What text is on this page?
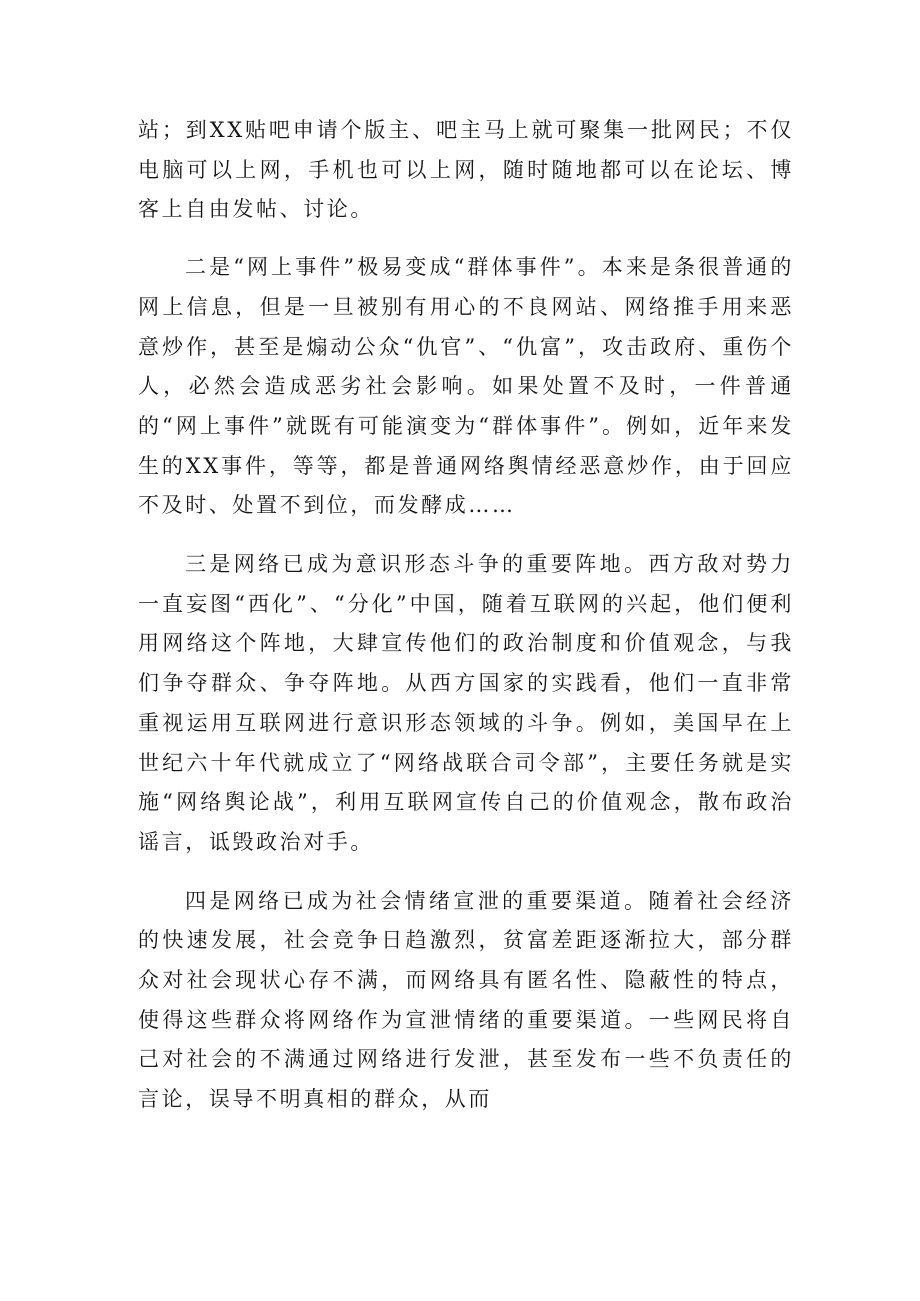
站；到XX贴吧申请个版主、吧主马上就可聚集一批网民；不仅电脑可以上网，手机也可以上网，随时随地都可以在论坛、博客上自由发帖、讨论。

二是“网上事件”极易变成“群体事件”。本来是条很普通的网上信息，但是一旦被别有用心的不良网站、网络推手用来恶意炒作，甚至是煽动公众“仇官”、“仇富”，攻击政府、重伤个人，必然会造成恶劣社会影响。如果处置不及时，一件普通的“网上事件”就既有可能演变为“群体事件”。例如，近年来发生的XX事件，等等，都是普通网络舆情经恶意炒作，由于回应不及时、处置不到位，而发酵成……

三是网络已成为意识形态斗争的重要阵地。西方敌对势力一直妄图“西化”、“分化”中国，随着互联网的兴起，他们便利用网络这个阵地，大肆宣传他们的政治制度和价值观念，与我们争夺群众、争夺阵地。从西方国家的实践看，他们一直非常重视运用互联网进行意识形态领域的斗争。例如，美国早在上世纪六十年代就成立了“网络战联合司令部”，主要任务就是实施“网络舆论战”，利用互联网宣传自己的价值观念，散布政治谣言，诋毁政治对手。

四是网络已成为社会情绪宣泄的重要渠道。随着社会经济的快速发展，社会竞争日趋激烈，贫富差距逐渐拉大，部分群众对社会现状心存不满，而网络具有匿名性、隐蔽性的特点，使得这些群众将网络作为宣泄情绪的重要渠道。一些网民将自己对社会的不满通过网络进行发泄，甚至发布一些不负责任的言论，误导不明真相的群众，从而
